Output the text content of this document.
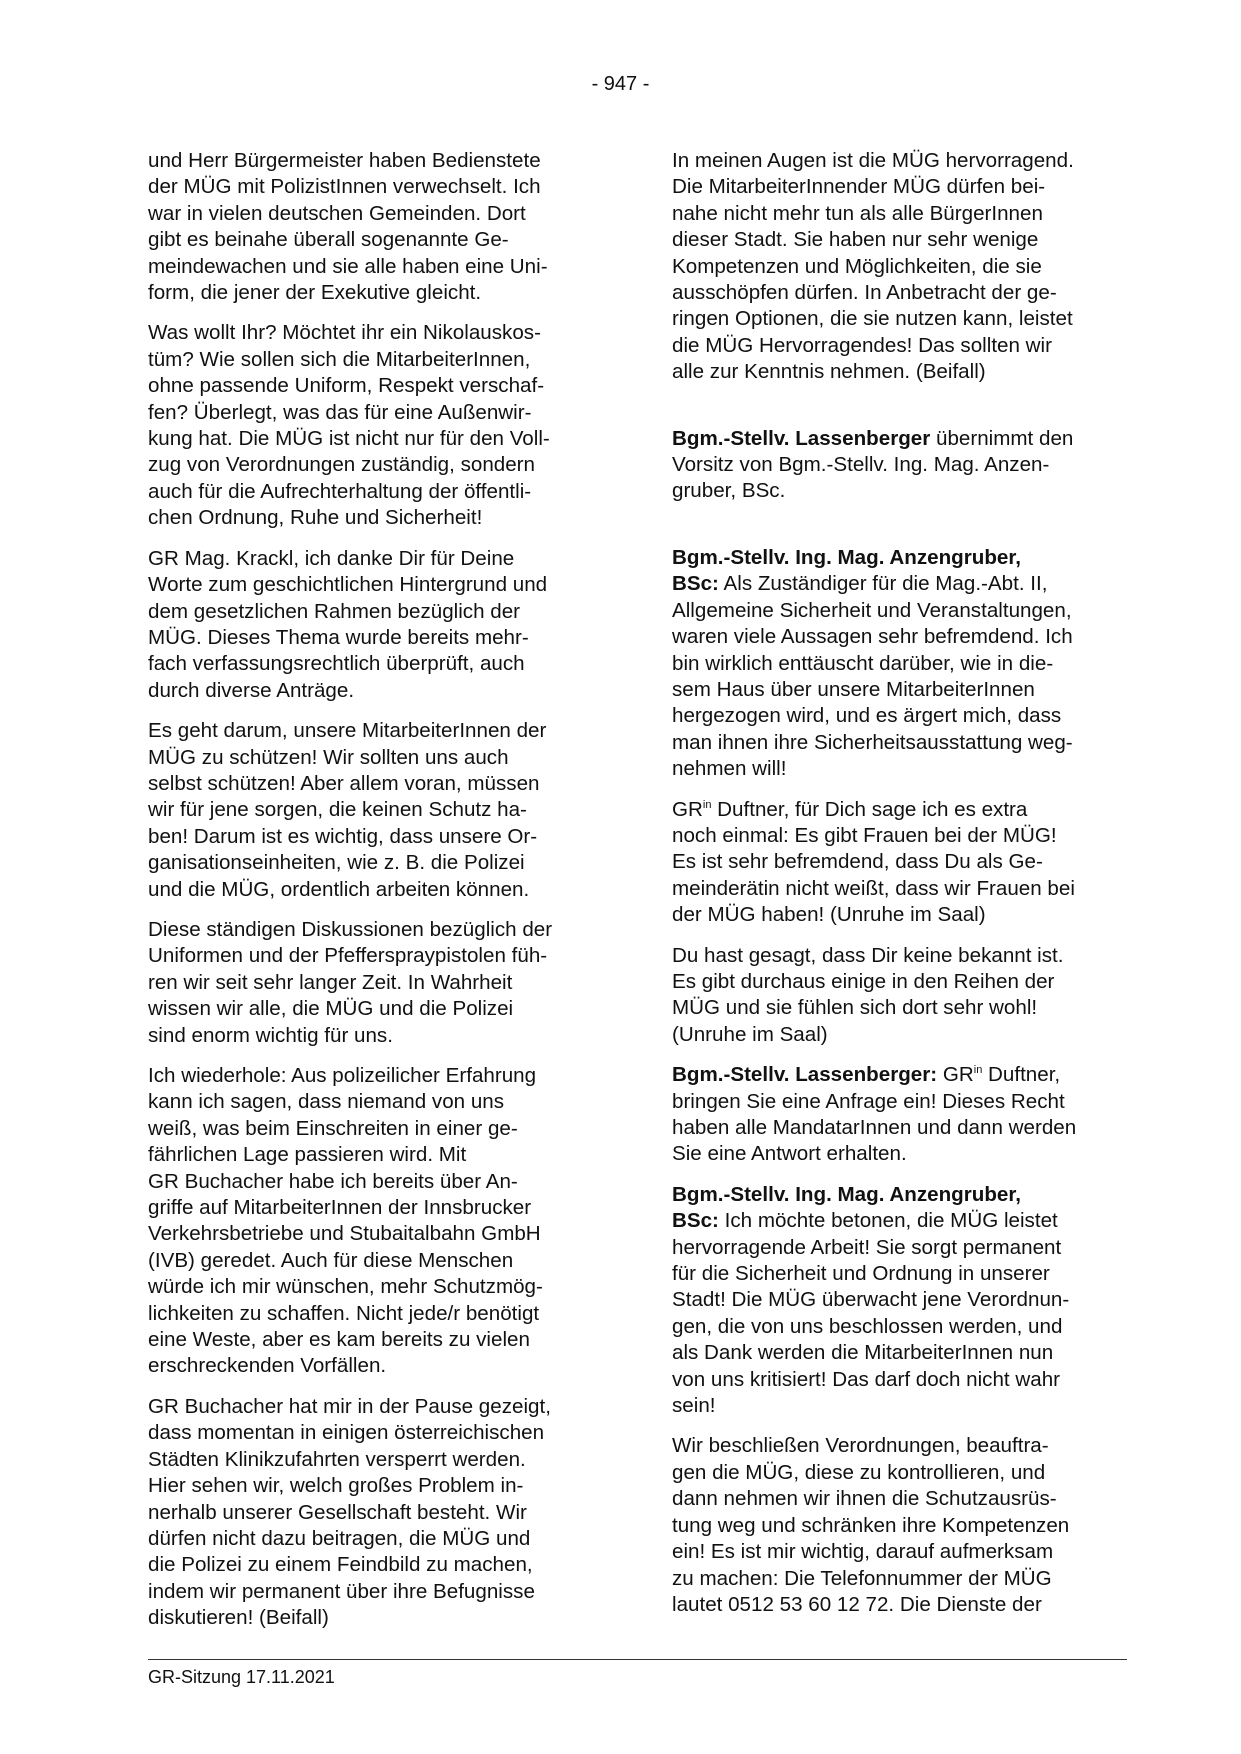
- 947 -

und Herr Bürgermeister haben Bedienstete
der MÜG mit PolizistInnen verwechselt. Ich
war in vielen deutschen Gemeinden. Dort
gibt es beinahe überall sogenannte Ge-
meindewachen und sie alle haben eine Uni-
form, die jener der Exekutive gleicht.

Was wollt Ihr? Möchtet ihr ein Nikolauskos-
tüm? Wie sollen sich die MitarbeiterInnen,
ohne passende Uniform, Respekt verschaf-
fen? Überlegt, was das für eine Außenwir-
kung hat. Die MÜG ist nicht nur für den Voll-
zug von Verordnungen zuständig, sondern
auch für die Aufrechterhaltung der öffentli-
chen Ordnung, Ruhe und Sicherheit!

GR Mag. Krackl, ich danke Dir für Deine
Worte zum geschichtlichen Hintergrund und
dem gesetzlichen Rahmen bezüglich der
MÜG. Dieses Thema wurde bereits mehr-
fach verfassungsrechtlich überprüft, auch
durch diverse Anträge.

Es geht darum, unsere MitarbeiterInnen der
MÜG zu schützen! Wir sollten uns auch
selbst schützen! Aber allem voran, müssen
wir für jene sorgen, die keinen Schutz ha-
ben! Darum ist es wichtig, dass unsere Or-
ganisationseinheiten, wie z. B. die Polizei
und die MÜG, ordentlich arbeiten können.

Diese ständigen Diskussionen bezüglich der
Uniformen und der Pfefferspraypistolen füh-
ren wir seit sehr langer Zeit. In Wahrheit
wissen wir alle, die MÜG und die Polizei
sind enorm wichtig für uns.

Ich wiederhole: Aus polizeilicher Erfahrung
kann ich sagen, dass niemand von uns
weiß, was beim Einschreiten in einer ge-
fährlichen Lage passieren wird. Mit
GR Buchacher habe ich bereits über An-
griffe auf MitarbeiterInnen der Innsbrucker
Verkehrsbetriebe und Stubaitalbahn GmbH
(IVB) geredet. Auch für diese Menschen
würde ich mir wünschen, mehr Schutzmög-
lichkeiten zu schaffen. Nicht jede/r benötigt
eine Weste, aber es kam bereits zu vielen
erschreckenden Vorfällen.

GR Buchacher hat mir in der Pause gezeigt,
dass momentan in einigen österreichischen
Städten Klinikzufahrten versperrt werden.
Hier sehen wir, welch großes Problem in-
nerhalb unserer Gesellschaft besteht. Wir
dürfen nicht dazu beitragen, die MÜG und
die Polizei zu einem Feindbild zu machen,
indem wir permanent über ihre Befugnisse
diskutieren! (Beifall)

In meinen Augen ist die MÜG hervorragend.
Die MitarbeiterInnender MÜG dürfen bei-
nahe nicht mehr tun als alle BürgerInnen
dieser Stadt. Sie haben nur sehr wenige
Kompetenzen und Möglichkeiten, die sie
ausschöpfen dürfen. In Anbetracht der ge-
ringen Optionen, die sie nutzen kann, leistet
die MÜG Hervorragendes! Das sollten wir
alle zur Kenntnis nehmen. (Beifall)

Bgm.-Stellv. Lassenberger übernimmt den
Vorsitz von Bgm.-Stellv. Ing. Mag. Anzen-
gruber, BSc.

Bgm.-Stellv. Ing. Mag. Anzengruber,
BSc: Als Zuständiger für die Mag.-Abt. II,
Allgemeine Sicherheit und Veranstaltungen,
waren viele Aussagen sehr befremdend. Ich
bin wirklich enttäuscht darüber, wie in die-
sem Haus über unsere MitarbeiterInnen
hergezogen wird, und es ärgert mich, dass
man ihnen ihre Sicherheitsausstattung weg-
nehmen will!

$GR^{in}$ Duftner, für Dich sage ich es extra
noch einmal: Es gibt Frauen bei der MÜG!
Es ist sehr befremdend, dass Du als Ge-
meinderätin nicht weißt, dass wir Frauen bei
der MÜG haben! (Unruhe im Saal)

Du hast gesagt, dass Dir keine bekannt ist.
Es gibt durchaus einige in den Reihen der
MÜG und sie fühlen sich dort sehr wohl!
(Unruhe im Saal)

Bgm.-Stellv. Lassenberger: $GR^{in}$ Duftner,
bringen Sie eine Anfrage ein! Dieses Recht
haben alle MandatarInnen und dann werden
Sie eine Antwort erhalten.

Bgm.-Stellv. Ing. Mag. Anzengruber,
BSc: Ich möchte betonen, die MÜG leistet
hervorragende Arbeit! Sie sorgt permanent
für die Sicherheit und Ordnung in unserer
Stadt! Die MÜG überwacht jene Verordnun-
gen, die von uns beschlossen werden, und
als Dank werden die MitarbeiterInnen nun
von uns kritisiert! Das darf doch nicht wahr
sein!

Wir beschließen Verordnungen, beauftra-
gen die MÜG, diese zu kontrollieren, und
dann nehmen wir ihnen die Schutzausrüs-
tung weg und schränken ihre Kompetenzen
ein! Es ist mir wichtig, darauf aufmerksam
zu machen: Die Telefonnummer der MÜG
lautet 0512 53 60 12 72. Die Dienste der

GR-Sitzung 17.11.2021
